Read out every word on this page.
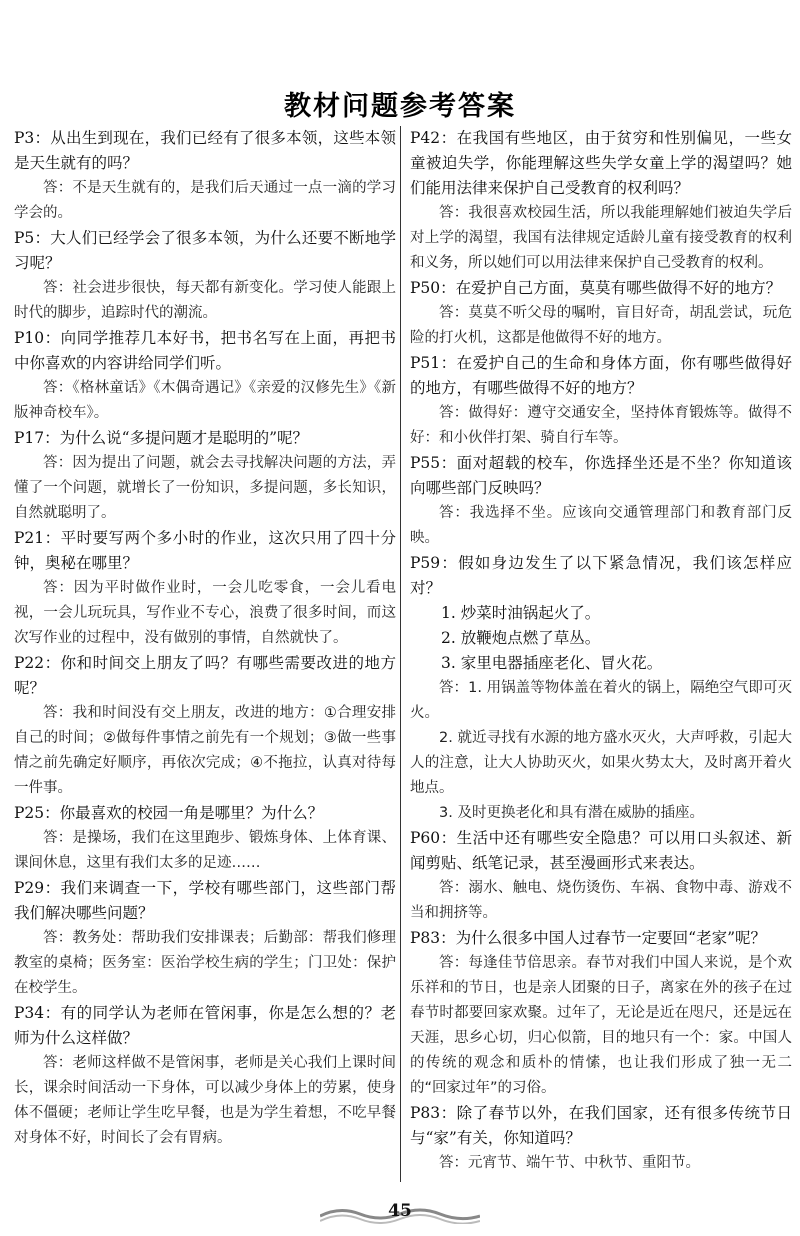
教材问题参考答案

P3：从出生到现在，我们已经有了很多本领，这些本领是天生就有的吗？

答：不是天生就有的，是我们后天通过一点一滴的学习学会的。

P5：大人们已经学会了很多本领，为什么还要不断地学习呢？

答：社会进步很快，每天都有新变化。学习使人能跟上时代的脚步，追踪时代的潮流。

P10：向同学推荐几本好书，把书名写在上面，再把书中你喜欢的内容讲给同学们听。

答：《格林童话》《木偶奇遇记》《亲爱的汉修先生》《新版神奇校车》。

P17：为什么说“多提问题才是聪明的”呢？

答：因为提出了问题，就会去寻找解决问题的方法，弄懂了一个问题，就增长了一份知识，多提问题，多长知识，自然就聪明了。

P21：平时要写两个多小时的作业，这次只用了四十分钟，奥秘在哪里？

答：因为平时做作业时，一会儿吃零食，一会儿看电视，一会儿玩玩具，写作业不专心，浪费了很多时间，而这次写作业的过程中，没有做别的事情，自然就快了。

P22：你和时间交上朋友了吗？有哪些需要改进的地方呢？

答：我和时间没有交上朋友，改进的地方：①合理安排自己的时间；②做每件事情之前先有一个规划；③做一些事情之前先确定好顺序，再依次完成；④不拖拉，认真对待每一件事。

P25：你最喜欢的校园一角是哪里？为什么？

答：是操场，我们在这里跑步、锻炼身体、上体育课、课间休息，这里有我们太多的足迹……

P29：我们来调查一下，学校有哪些部门，这些部门帮我们解决哪些问题？

答：教务处：帮助我们安排课表；后勤部：帮我们修理教室的桌椅；医务室：医治学校生病的学生；门卫处：保护在校学生。

P34：有的同学认为老师在管闲事，你是怎么想的？老师为什么这样做？

答：老师这样做不是管闲事，老师是关心我们上课时间长，课余时间活动一下身体，可以减少身体上的劳累，使身体不僵硬；老师让学生吃早餐，也是为学生着想，不吃早餐对身体不好，时间长了会有胃病。

P42：在我国有些地区，由于贫穷和性别偏见，一些女童被迫失学，你能理解这些失学女童上学的渴望吗？她们能用法律来保护自己受教育的权利吗？

答：我很喜欢校园生活，所以我能理解她们被迫失学后对上学的渴望，我国有法律规定适龄儿童有接受教育的权利和义务，所以她们可以用法律来保护自己受教育的权利。

P50：在爱护自己方面，莫莫有哪些做得不好的地方？

答：莫莫不听父母的嘱咐，盲目好奇，胡乱尝试，玩危险的打火机，这都是他做得不好的地方。

P51：在爱护自己的生命和身体方面，你有哪些做得好的地方，有哪些做得不好的地方？

答：做得好：遵守交通安全，坚持体育锻炼等。做得不好：和小伙伴打架、骑自行车等。

P55：面对超载的校车，你选择坐还是不坐？你知道该向哪些部门反映吗？

答：我选择不坐。应该向交通管理部门和教育部门反映。

P59：假如身边发生了以下紧急情况，我们该怎样应对？

1. 炒菜时油锅起火了。

2. 放鞭炮点燃了草丛。

3. 家里电器插座老化、冒火花。

答：1. 用锅盖等物体盖在着火的锅上，隔绝空气即可灭火。

2. 就近寻找有水源的地方盛水灭火，大声呼救，引起大人的注意，让大人协助灭火，如果火势太大，及时离开着火地点。

3. 及时更换老化和具有潜在威胁的插座。

P60：生活中还有哪些安全隐患？可以用口头叙述、新闻剪贴、纸笔记录，甚至漫画形式来表达。

答：溺水、触电、烧伤烫伤、车祸、食物中毒、游戏不当和拥挤等。

P83：为什么很多中国人过春节一定要回“老家”呢？

答：每逢佳节倍思亲。春节对我们中国人来说，是个欢乐祥和的节日，也是亲人团聚的日子，离家在外的孩子在过春节时都要回家欢聚。过年了，无论是近在咫尺，还是远在天涯，思乡心切，归心似箭，目的地只有一个：家。中国人的传统的观念和质朴的情愫，也让我们形成了独一无二的“回家过年”的习俗。

P83：除了春节以外，在我们国家，还有很多传统节日与“家”有关，你知道吗？

答：元宵节、端午节、中秋节、重阳节。

45
